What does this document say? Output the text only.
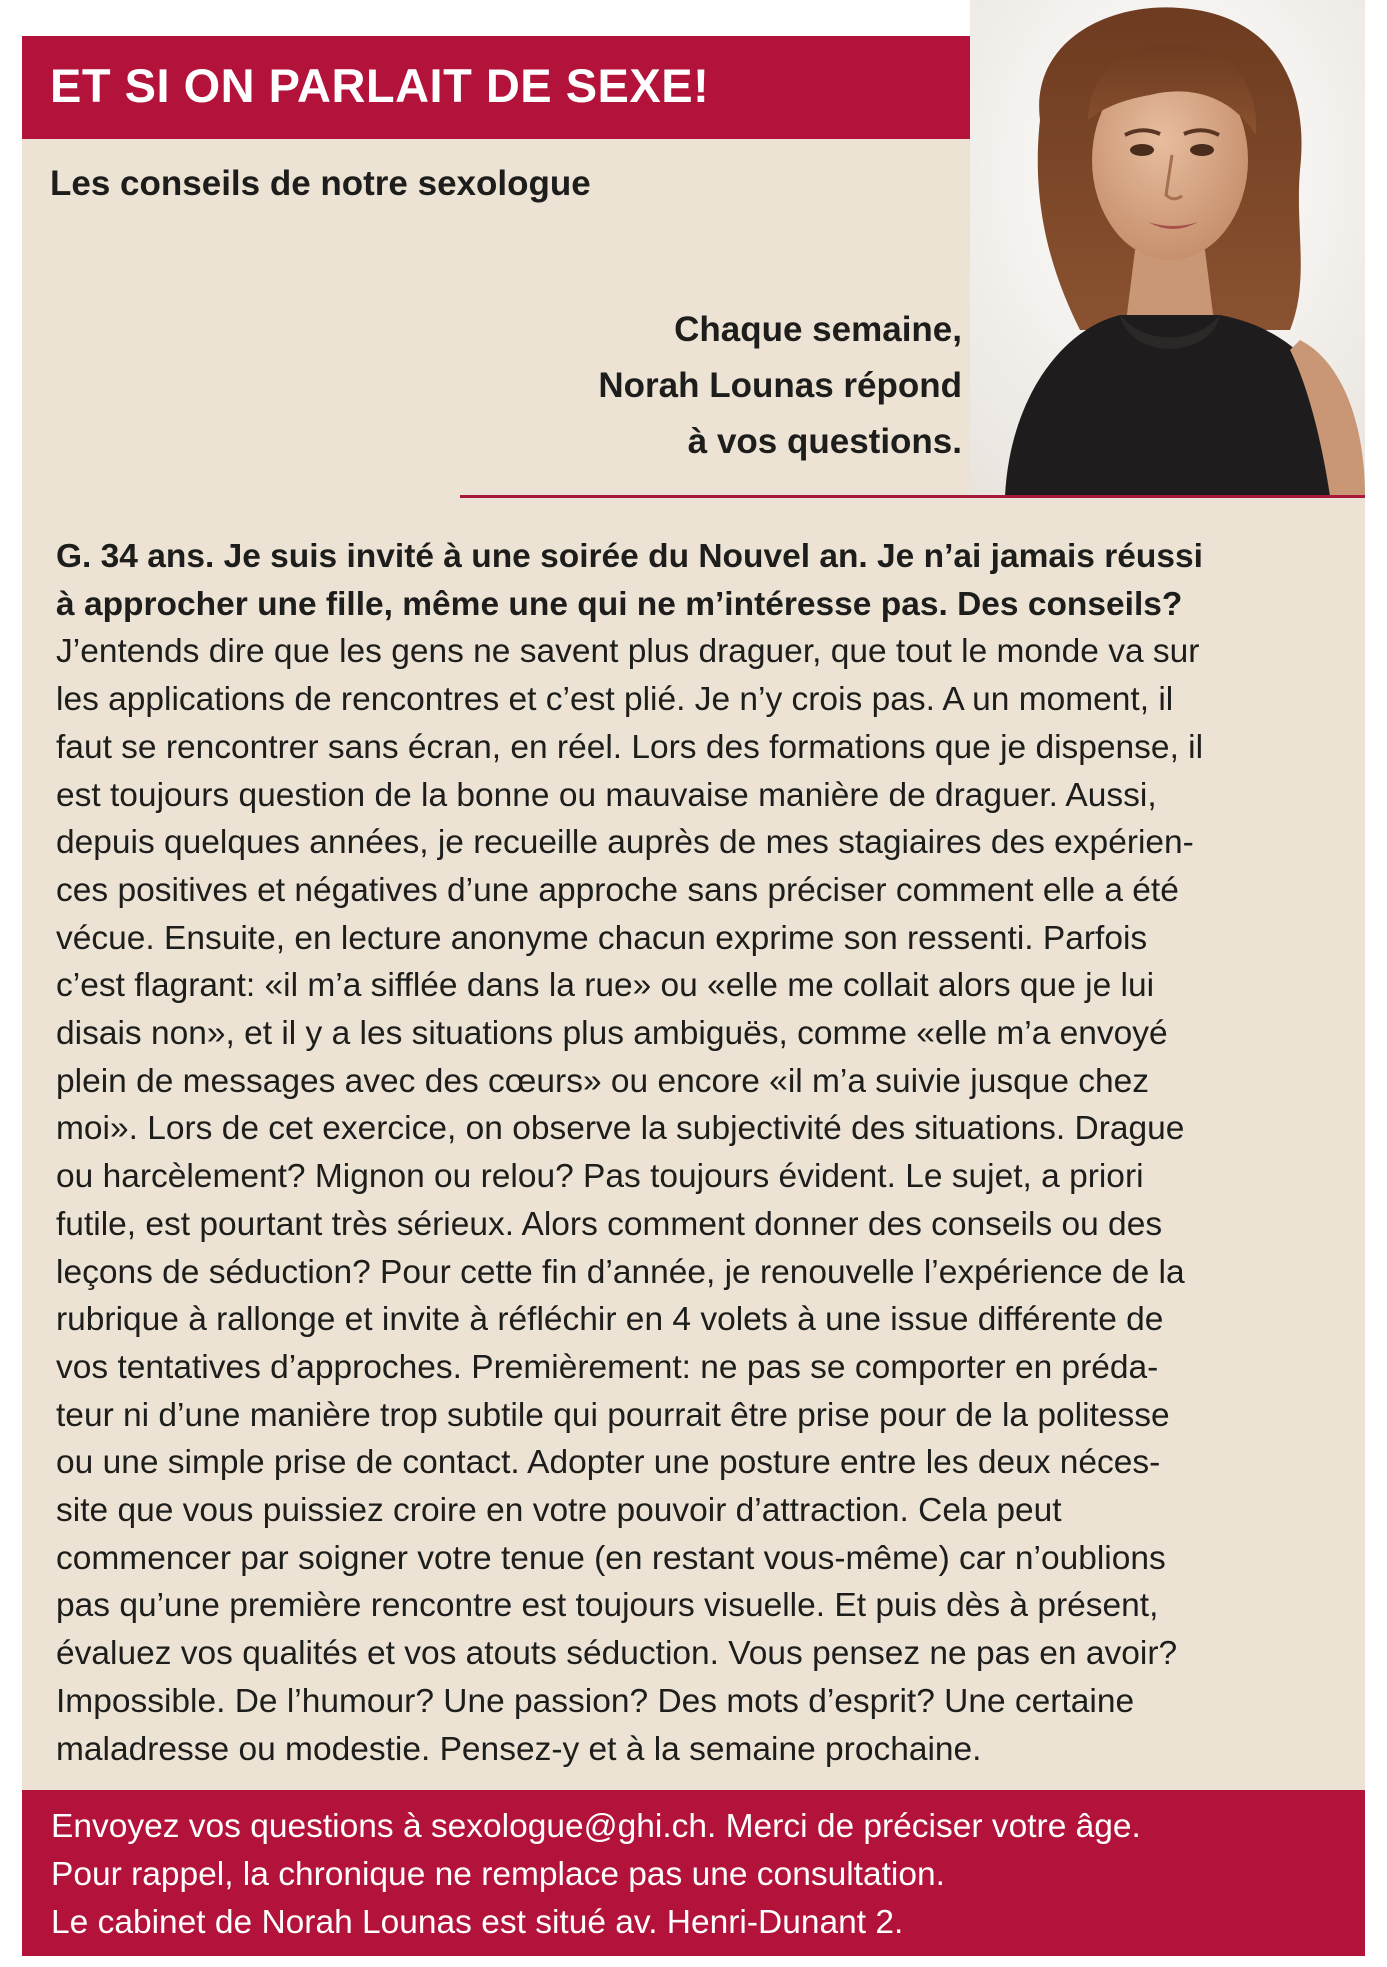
ET SI ON PARLAIT DE SEXE!
Les conseils de notre sexologue
Chaque semaine,
Norah Lounas répond
à vos questions.
G. 34 ans. Je suis invité à une soirée du Nouvel an. Je n’ai jamais réussi
à approcher une fille, même une qui ne m’intéresse pas. Des conseils?
J’entends dire que les gens ne savent plus draguer, que tout le monde va sur
les applications de rencontres et c’est plié. Je n’y crois pas. A un moment, il
faut se rencontrer sans écran, en réel. Lors des formations que je dispense, il
est toujours question de la bonne ou mauvaise manière de draguer. Aussi,
depuis quelques années, je recueille auprès de mes stagiaires des expérien-
ces positives et négatives d’une approche sans préciser comment elle a été
vécue. Ensuite, en lecture anonyme chacun exprime son ressenti. Parfois
c’est flagrant: «il m’a sifflée dans la rue» ou «elle me collait alors que je lui
disais non», et il y a les situations plus ambiguës, comme «elle m’a envoyé
plein de messages avec des cœurs» ou encore «il m’a suivie jusque chez
moi». Lors de cet exercice, on observe la subjectivité des situations. Drague
ou harcèlement? Mignon ou relou? Pas toujours évident. Le sujet, a priori
futile, est pourtant très sérieux. Alors comment donner des conseils ou des
leçons de séduction? Pour cette fin d’année, je renouvelle l’expérience de la
rubrique à rallonge et invite à réfléchir en 4 volets à une issue différente de
vos tentatives d’approches. Premièrement: ne pas se comporter en préda-
teur ni d’une manière trop subtile qui pourrait être prise pour de la politesse
ou une simple prise de contact. Adopter une posture entre les deux néces-
site que vous puissiez croire en votre pouvoir d’attraction. Cela peut
commencer par soigner votre tenue (en restant vous-même) car n’oublions
pas qu’une première rencontre est toujours visuelle. Et puis dès à présent,
évaluez vos qualités et vos atouts séduction. Vous pensez ne pas en avoir?
Impossible. De l’humour? Une passion? Des mots d’esprit? Une certaine
maladresse ou modestie. Pensez-y et à la semaine prochaine.
Envoyez vos questions à sexologue@ghi.ch. Merci de préciser votre âge.
Pour rappel, la chronique ne remplace pas une consultation.
Le cabinet de Norah Lounas est situé av. Henri-Dunant 2.
